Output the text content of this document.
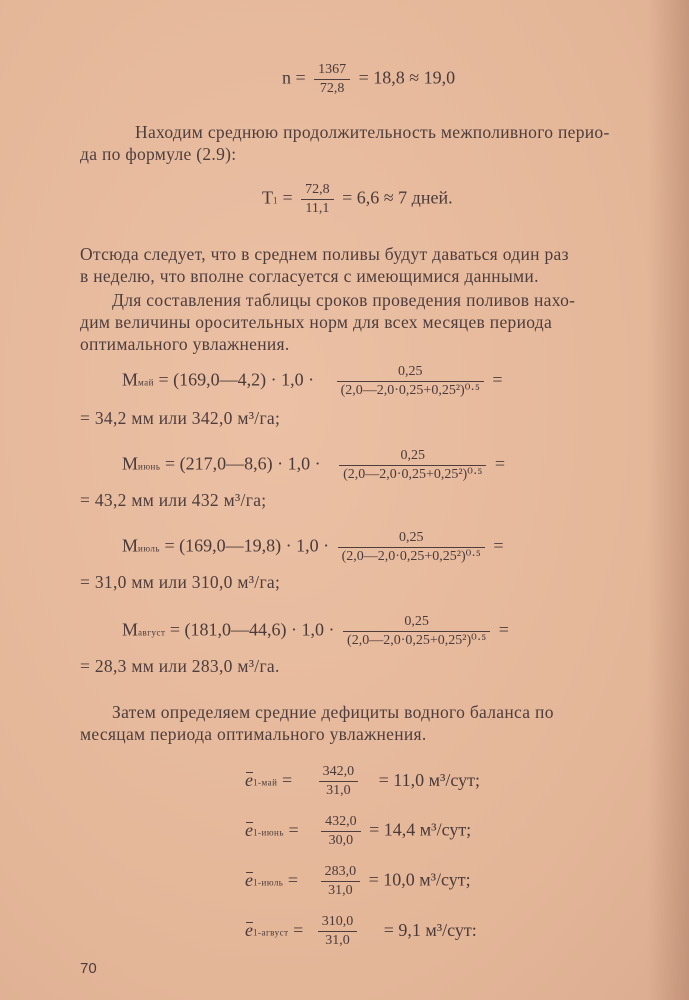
$n = \frac{1367}{72,8} = 18,8 \approx 19,0$
Находим среднюю продолжительность межполивного перио-
да по формуле (2.9):
$T1 = \frac{72,8}{11,1} = 6,6 \approx 7$ дней.
Отсюда следует, что в среднем поливы будут даваться один раз
в неделю, что вполне согласуется с имеющимися данными.
Для составления таблицы сроков проведения поливов нахо-
дим величины оросительных норм для всех месяцев периода
оптимального увлажнения.
Mмай = (169,0—4,2) · $1,0 \cdot \frac{0,25}{\text{(2,0—2,0·0,25+0,25²)⁰·⁵}}$ =
= 34,2 мм или 342,0 м³/га;
Mиюнь = (217,0—8,6) · $1,0 \cdot \frac{0,25}{\text{(2,0—2,0·0,25+0,25²)⁰·⁵}}$ =
= 43,2 мм или 432 м³/га;
Mиюль = (169,0—19,8) · $1,0 \cdot \frac{0,25}{\text{(2,0—2,0·0,25+0,25²)⁰·⁵}}$ =
= 31,0 мм или 310,0 м³/га;
Mавгуст = (181,0—44,6) · $1,0 \cdot \frac{0,25}{\text{(2,0—2,0·0,25+0,25²)⁰·⁵}}$ =
= 28,3 мм или 283,0 м³/га.
Затем определяем средние дефициты водного баланса по
месяцам периода оптимального увлажнения.
$e1-май = \frac{342,0}{31,0} = 11,0$ м³/сут;
e1-июнь = $\frac{432,0}{30,0} = 14,4$ м³/сут;
e1-июль = $\frac{283,0}{31,0} = 10,0$ м³/сут;
e1-агвуст = $\frac{310,0}{31,0} = 9,1$ м³/сут:
70
